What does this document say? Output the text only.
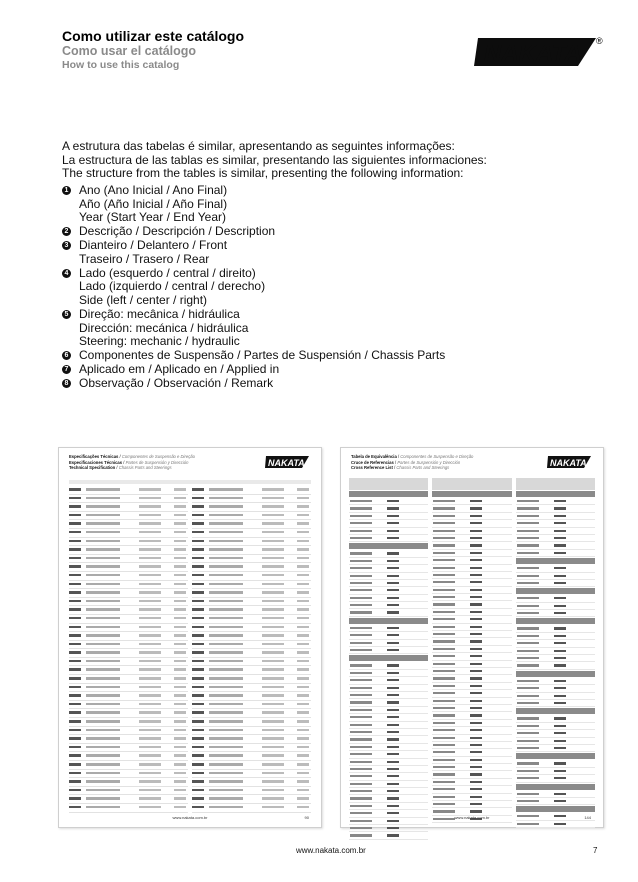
Como utilizar este catálogo
Como usar el catálogo
How to use this catalog	NAKATA ®
A estrutura das tabelas é similar, apresentando as seguintes informações:
La estructura de las tablas es similar, presentando las siguientes informaciones:
The structure from the tables is similar, presenting the following information:
1 Ano (Ano Inicial / Ano Final)
Año (Año Inicial / Año Final)
Year (Start Year / End Year)
2 Descrição / Descripción / Description
3 Dianteiro / Delantero / Front
Traseiro / Trasero / Rear
4 Lado (esquerdo / central / direito)
Lado (izquierdo / central / derecho)
Side (left / center / right)
5 Direção: mecânica / hidráulica
Dirección: mecánica / hidráulica
Steering: mechanic / hydraulic
6 Componentes de Suspensão / Partes de Suspensión / Chassis Parts
7 Aplicado em / Aplicado en / Applied in
8 Observação / Observación / Remark
Especificações Técnicas / Componentes de Suspensão e Direção
Especificaciones Técnicas / Partes de Suspensión y Dirección
Technical Specification / Chassis Parts and Steerings	NAKATA
www.nakata.com.br	90
Tabela de Equivalência / Componentes de Suspensão e Direção
Cruce de Referencias / Partes de Suspensión y Dirección
Cross Reference List / Chassis Parts and Steerings	NAKATA
www.nakata.com.br	144
www.nakata.com.br	7
